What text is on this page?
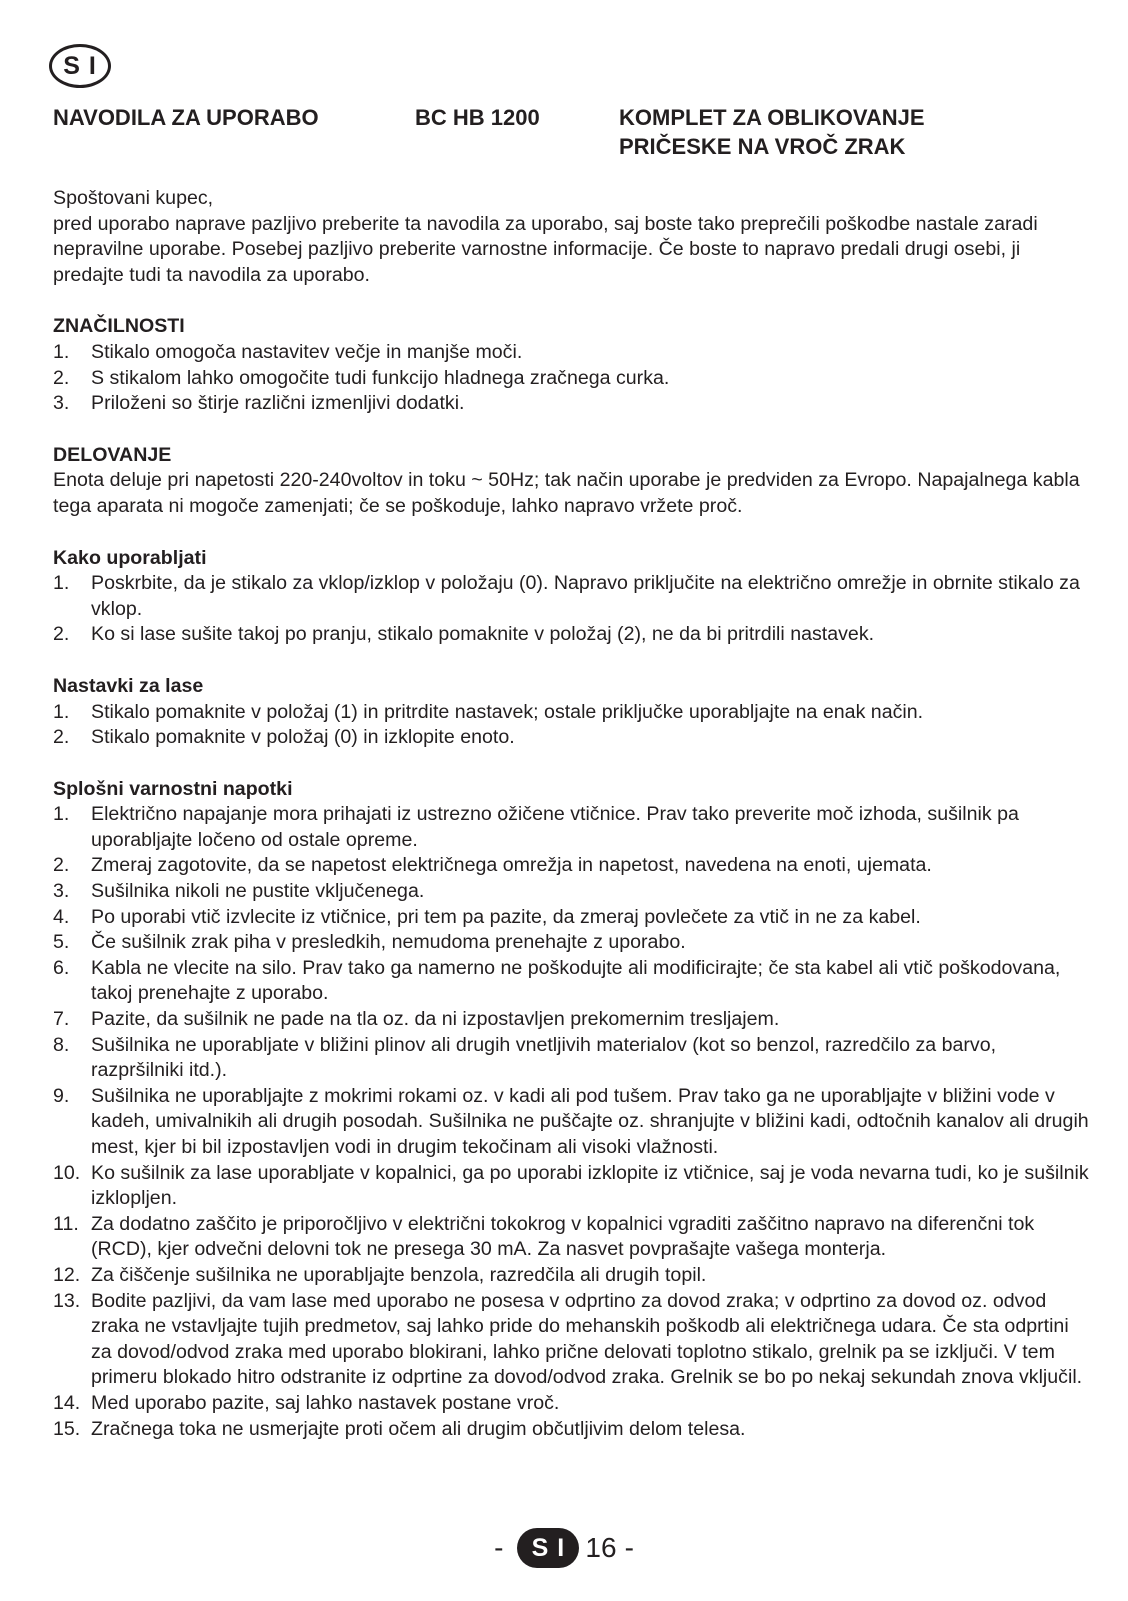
S I
NAVODILA ZA UPORABO	BC HB 1200	KOMPLET ZA OBLIKOVANJE
PRIČESKE NA VROČ ZRAK

Spoštovani kupec,

pred uporabo naprave pazljivo preberite ta navodila za uporabo, saj boste tako preprečili poškodbe nastale zaradi nepravilne uporabe. Posebej pazljivo preberite varnostne informacije. Če boste to napravo predali drugi osebi, ji predajte tudi ta navodila za uporabo.

ZNAČILNOSTI

1. Stikalo omogoča nastavitev večje in manjše moči.
2. S stikalom lahko omogočite tudi funkcijo hladnega zračnega curka.
3. Priloženi so štirje različni izmenljivi dodatki.

DELOVANJE

Enota deluje pri napetosti 220-240voltov in toku ~ 50Hz; tak način uporabe je predviden za Evropo. Napajalnega kabla tega aparata ni mogoče zamenjati; če se poškoduje, lahko napravo vržete proč.

Kako uporabljati

1. Poskrbite, da je stikalo za vklop/izklop v položaju (0). Napravo priključite na električno omrežje in obrnite stikalo za vklop.
2. Ko si lase sušite takoj po pranju, stikalo pomaknite v položaj (2), ne da bi pritrdili nastavek.

Nastavki za lase

1. Stikalo pomaknite v položaj (1) in pritrdite nastavek; ostale priključke uporabljajte na enak način.
2. Stikalo pomaknite v položaj (0) in izklopite enoto.

Splošni varnostni napotki

1. Električno napajanje mora prihajati iz ustrezno ožičene vtičnice. Prav tako preverite moč izhoda, sušilnik pa uporabljajte ločeno od ostale opreme.
2. Zmeraj zagotovite, da se napetost električnega omrežja in napetost, navedena na enoti, ujemata.
3. Sušilnika nikoli ne pustite vključenega.
4. Po uporabi vtič izvlecite iz vtičnice, pri tem pa pazite, da zmeraj povlečete za vtič in ne za kabel.
5. Če sušilnik zrak piha v presledkih, nemudoma prenehajte z uporabo.
6. Kabla ne vlecite na silo. Prav tako ga namerno ne poškodujte ali modificirajte; če sta kabel ali vtič poškodovana, takoj prenehajte z uporabo.
7. Pazite, da sušilnik ne pade na tla oz. da ni izpostavljen prekomernim tresljajem.
8. Sušilnika ne uporabljate v bližini plinov ali drugih vnetljivih materialov (kot so benzol, razredčilo za barvo, razpršilniki itd.).
9. Sušilnika ne uporabljajte z mokrimi rokami oz. v kadi ali pod tušem. Prav tako ga ne uporabljajte v bližini vode v kadeh, umivalnikih ali drugih posodah. Sušilnika ne puščajte oz. shranjujte v bližini kadi, odtočnih kanalov ali drugih mest, kjer bi bil izpostavljen vodi in drugim tekočinam ali visoki vlažnosti.
10. Ko sušilnik za lase uporabljate v kopalnici, ga po uporabi izklopite iz vtičnice, saj je voda nevarna tudi, ko je sušilnik izklopljen.
11. Za dodatno zaščito je priporočljivo v električni tokokrog v kopalnici vgraditi zaščitno napravo na diferenčni tok (RCD), kjer odvečni delovni tok ne presega 30 mA. Za nasvet povprašajte vašega monterja.
12. Za čiščenje sušilnika ne uporabljajte benzola, razredčila ali drugih topil.
13. Bodite pazljivi, da vam lase med uporabo ne posesa v odprtino za dovod zraka; v odprtino za dovod oz. odvod zraka ne vstavljajte tujih predmetov, saj lahko pride do mehanskih poškodb ali električnega udara. Če sta odprtini za dovod/odvod zraka med uporabo blokirani, lahko prične delovati toplotno stikalo, grelnik pa se izključi. V tem primeru blokado hitro odstranite iz odprtine za dovod/odvod zraka. Grelnik se bo po nekaj sekundah znova vključil.
14. Med uporabo pazite, saj lahko nastavek postane vroč.
15. Zračnega toka ne usmerjajte proti očem ali drugim občutljivim delom telesa.
-	S I 16 -
